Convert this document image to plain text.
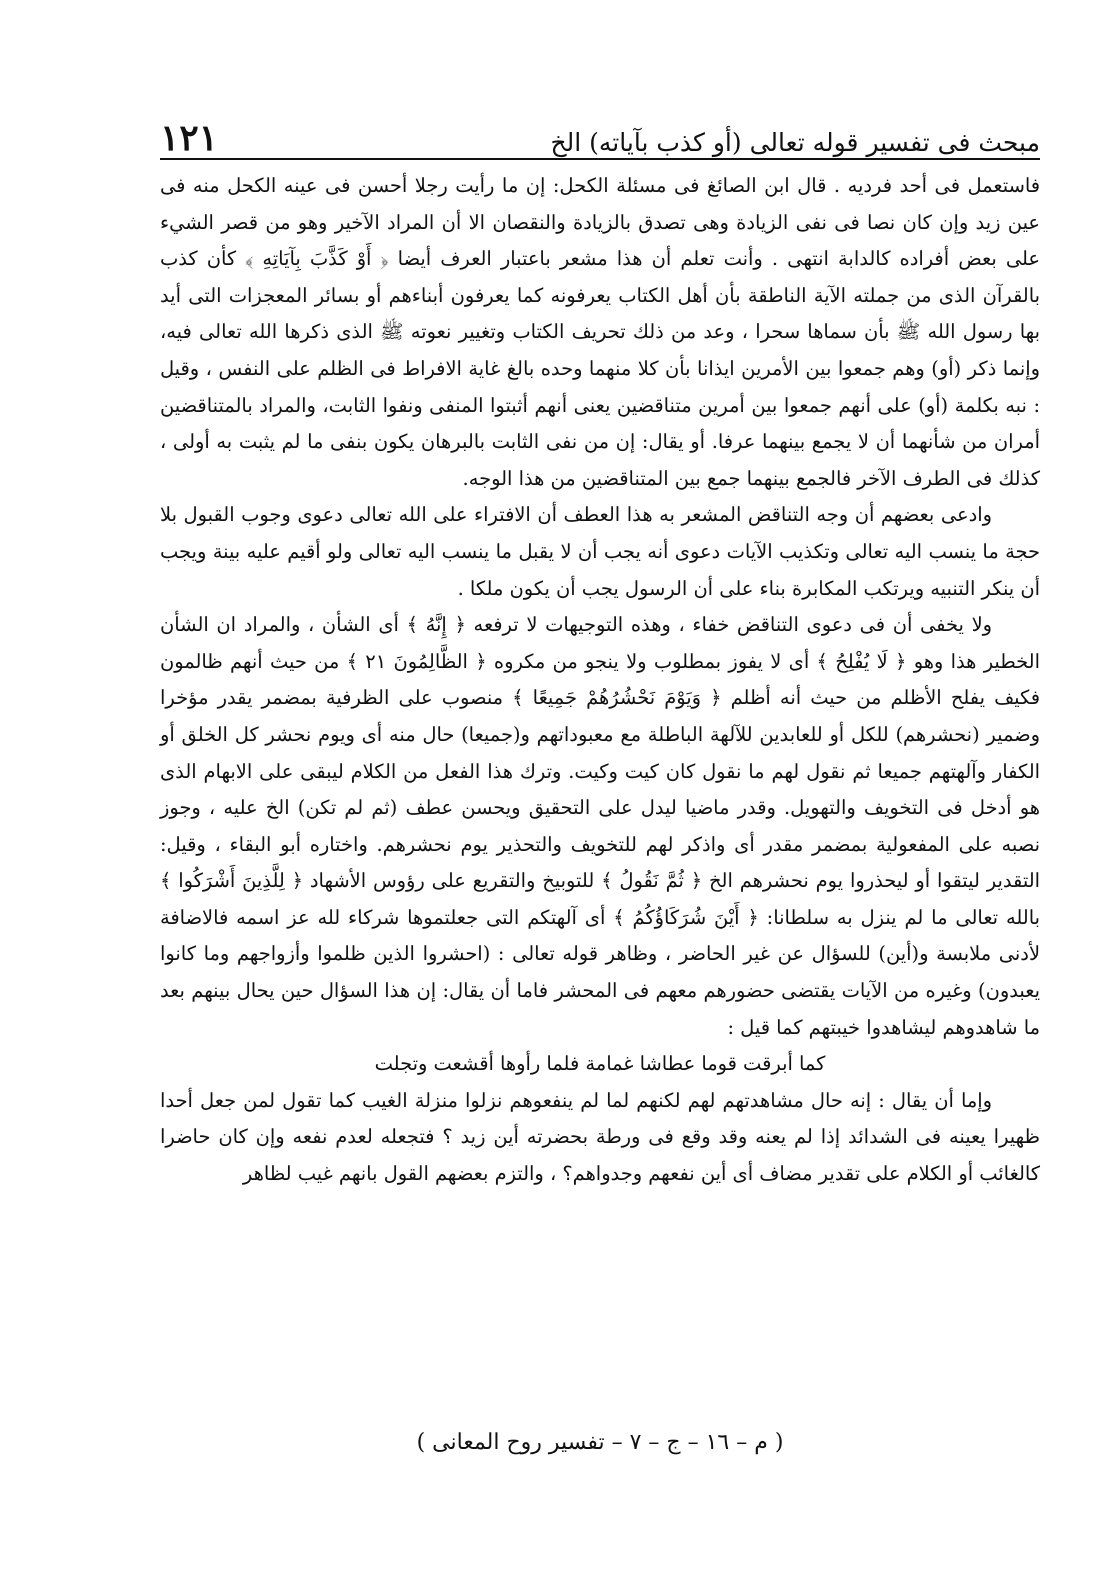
مبحث فى تفسير قوله تعالى (أو كذب بآياته) الخ
١٢١

فاستعمل فى أحد فرديه . قال ابن الصائغ فى مسئلة الكحل: إن ما رأيت رجلا أحسن فى عينه الكحل منه فى عين زيد وإن كان نصا فى نفى الزيادة وهى تصدق بالزيادة والنقصان الا أن المراد الآخير وهو من قصر الشيء على بعض أفراده كالدابة انتهى . وأنت تعلم أن هذا مشعر باعتبار العرف أيضا ﴿ أَوْ كَذَّبَ بِآيَاتِهِ ﴾ كأن كذب بالقرآن الذى من جملته الآية الناطقة بأن أهل الكتاب يعرفونه كما يعرفون أبناءهم أو بسائر المعجزات التى أيد بها رسول الله ﷺ بأن سماها سحرا ، وعد من ذلك تحريف الكتاب وتغيير نعوته ﷺ الذى ذكرها الله تعالى فيه، وإنما ذكر (أو) وهم جمعوا بين الأمرين ايذانا بأن كلا منهما وحده بالغ غاية الافراط فى الظلم على النفس ، وقيل : نبه بكلمة (أو) على أنهم جمعوا بين أمرين متناقضين يعنى أنهم أثبتوا المنفى ونفوا الثابت، والمراد بالمتناقضين أمران من شأنهما أن لا يجمع بينهما عرفا. أو يقال: إن من نفى الثابت بالبرهان يكون بنفى ما لم يثبت به أولى ، كذلك فى الطرف الآخر فالجمع بينهما جمع بين المتناقضين من هذا الوجه.

وادعى بعضهم أن وجه التناقض المشعر به هذا العطف أن الافتراء على الله تعالى دعوى وجوب القبول بلا حجة ما ينسب اليه تعالى وتكذيب الآيات دعوى أنه يجب أن لا يقبل ما ينسب اليه تعالى ولو أقيم عليه بينة ويجب أن ينكر التنبيه ويرتكب المكابرة بناء على أن الرسول يجب أن يكون ملكا .

ولا يخفى أن فى دعوى التناقض خفاء ، وهذه التوجيهات لا ترفعه ﴿ إِنَّهُ ﴾ أى الشأن ، والمراد ان الشأن الخطير هذا وهو ﴿ لَا يُفْلِحُ ﴾ أى لا يفوز بمطلوب ولا ينجو من مكروه ﴿ الظَّالِمُونَ ٢١ ﴾ من حيث أنهم ظالمون فكيف يفلح الأظلم من حيث أنه أظلم ﴿ وَيَوْمَ نَحْشُرُهُمْ جَمِيعًا ﴾ منصوب على الظرفية بمضمر يقدر مؤخرا وضمير (نحشرهم) للكل أو للعابدين للآلهة الباطلة مع معبوداتهم و(جميعا) حال منه أى ويوم نحشر كل الخلق أو الكفار وآلهتهم جميعا ثم نقول لهم ما نقول كان كيت وكيت. وترك هذا الفعل من الكلام ليبقى على الابهام الذى هو أدخل فى التخويف والتهويل. وقدر ماضيا ليدل على التحقيق ويحسن عطف (ثم لم تكن) الخ عليه ، وجوز نصبه على المفعولية بمضمر مقدر أى واذكر لهم للتخويف والتحذير يوم نحشرهم. واختاره أبو البقاء ، وقيل: التقدير ليتقوا أو ليحذروا يوم نحشرهم الخ ﴿ ثُمَّ نَقُولُ ﴾ للتوبيخ والتقريع على رؤوس الأشهاد ﴿ لِلَّذِينَ أَشْرَكُوا ﴾ بالله تعالى ما لم ينزل به سلطانا: ﴿ أَيْنَ شُرَكَاؤُكُمُ ﴾ أى آلهتكم التى جعلتموها شركاء لله عز اسمه فالاضافة لأدنى ملابسة و(أين) للسؤال عن غير الحاضر ، وظاهر قوله تعالى : (احشروا الذين ظلموا وأزواجهم وما كانوا يعبدون) وغيره من الآيات يقتضى حضورهم معهم فى المحشر فاما أن يقال: إن هذا السؤال حين يحال بينهم بعد ما شاهدوهم ليشاهدوا خيبتهم كما قيل :

كما أبرقت قوما عطاشا غمامة فلما رأوها أقشعت وتجلت

وإما أن يقال : إنه حال مشاهدتهم لهم لكنهم لما لم ينفعوهم نزلوا منزلة الغيب كما تقول لمن جعل أحدا ظهيرا يعينه فى الشدائد إذا لم يعنه وقد وقع فى ورطة بحضرته أين زيد ؟ فتجعله لعدم نفعه وإن كان حاضرا كالغائب أو الكلام على تقدير مضاف أى أين نفعهم وجدواهم؟ ، والتزم بعضهم القول بانهم غيب لظاهر

( م – ١٦ – ج – ٧ – تفسير روح المعانى )
